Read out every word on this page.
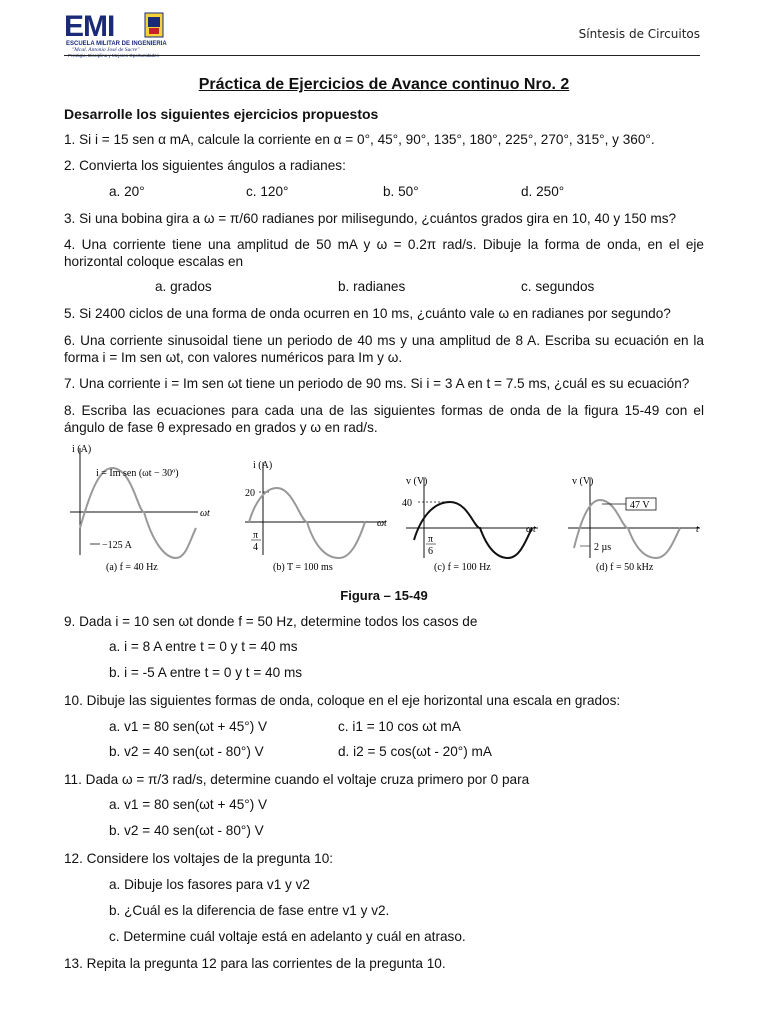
EMI
ESCUELA MILITAR DE INGENIERIA
"Mcal. Antonio José de Sucre"
Síntesis de Circuitos
Práctica de Ejercicios de Avance continuo Nro. 2
Desarrolle los siguientes ejercicios propuestos
1. Si i = 15 sen α mA, calcule la corriente en α = 0°, 45°, 90°, 135°, 180°, 225°, 270°, 315°, y 360°.
2. Convierta los siguientes ángulos a radianes:
a. 20°	c. 120°	b. 50°	d. 250°
3. Si una bobina gira a ω = π/60 radianes por milisegundo, ¿cuántos grados gira en 10, 40 y 150 ms?
4. Una corriente tiene una amplitud de 50 mA y ω = 0.2π rad/s. Dibuje la forma de onda, en el eje horizontal coloque escalas en
a. grados	b. radianes	c. segundos
5. Si 2400 ciclos de una forma de onda ocurren en 10 ms, ¿cuánto vale ω en radianes por segundo?
6. Una corriente sinusoidal tiene un periodo de 40 ms y una amplitud de 8 A. Escriba su ecuación en la forma i = Im sen ωt, con valores numéricos para Im y ω.
7. Una corriente i = Im sen ωt tiene un periodo de 90 ms. Si i = 3 A en t = 7.5 ms, ¿cuál es su ecuación?
8. Escriba las ecuaciones para cada una de las siguientes formas de onda de la figura 15-49 con el ángulo de fase θ expresado en grados y ω en rad/s.
i (A)
i = Im sen (ωt − 30º)
ωt
−125 A
(a) f = 40 Hz
i (A)
20
ωt
π
4
(b) T = 100 ms
v (V)
40
ωt
π
6
(c) f = 100 Hz
47 V
v (V)
t
2 µs
(d) f = 50 kHz
Figura – 15-49
9. Dada i = 10 sen ωt donde f = 50 Hz, determine todos los casos de
a. i = 8 A entre t = 0 y t = 40 ms
b. i = -5 A entre t = 0 y t = 40 ms
10. Dibuje las siguientes formas de onda, coloque en el eje horizontal una escala en grados:
a. v1 = 80 sen(ωt + 45°) V	c. i1 = 10 cos ωt mA
b. v2 = 40 sen(ωt - 80°) V	d. i2 = 5 cos(ωt - 20°) mA
11. Dada ω = π/3 rad/s, determine cuando el voltaje cruza primero por 0 para
a. v1 = 80 sen(ωt + 45°) V
b. v2 = 40 sen(ωt - 80°) V
12. Considere los voltajes de la pregunta 10:
a. Dibuje los fasores para v1 y v2
b. ¿Cuál es la diferencia de fase entre v1 y v2.
c. Determine cuál voltaje está en adelanto y cuál en atraso.
13. Repita la pregunta 12 para las corrientes de la pregunta 10.
